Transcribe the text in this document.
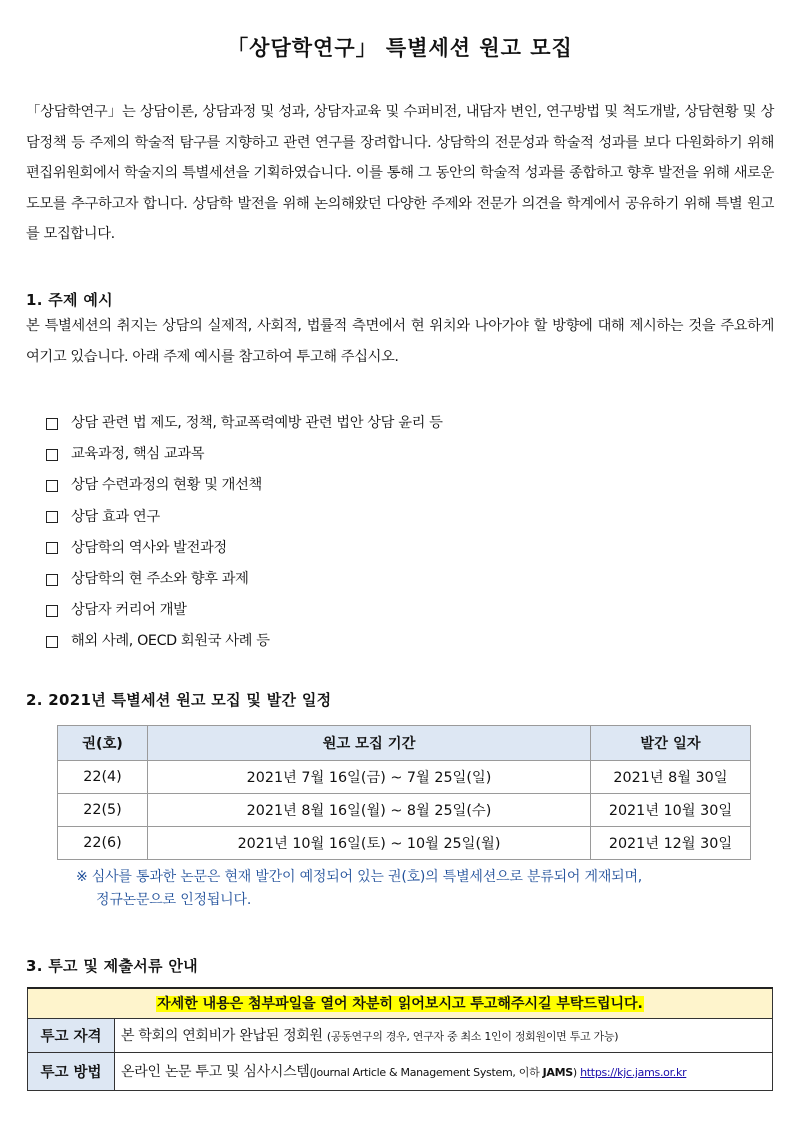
「상담학연구」 특별세션 원고 모집

「상담학연구」는 상담이론, 상담과정 및 성과, 상담자교육 및 수퍼비전, 내담자 변인, 연구방법 및 척도개발, 상담현황 및 상담정책 등 주제의 학술적 탐구를 지향하고 관련 연구를 장려합니다. 상담학의 전문성과 학술적 성과를 보다 다원화하기 위해 편집위원회에서 학술지의 특별세션을 기획하였습니다. 이를 통해 그 동안의 학술적 성과를 종합하고 향후 발전을 위해 새로운 도모를 추구하고자 합니다. 상담학 발전을 위해 논의해왔던 다양한 주제와 전문가 의견을 학계에서 공유하기 위해 특별 원고를 모집합니다.

1. 주제 예시

본 특별세션의 취지는 상담의 실제적, 사회적, 법률적 측면에서 현 위치와 나아가야 할 방향에 대해 제시하는 것을 주요하게 여기고 있습니다. 아래 주제 예시를 참고하여 투고해 주십시오.

상담 관련 법 제도, 정책, 학교폭력예방 관련 법안 상담 윤리 등
교육과정, 핵심 교과목
상담 수련과정의 현황 및 개선책
상담 효과 연구
상담학의 역사와 발전과정
상담학의 현 주소와 향후 과제
상담자 커리어 개발
해외 사례, OECD 회원국 사례 등
2. 2021년 특별세션 원고 모집 및 발간 일정
권(호)	원고 모집 기간	발간 일자
22(4)	2021년 7월 16일(금) ~ 7월 25일(일)	2021년 8월 30일
22(5)	2021년 8월 16일(월) ~ 8월 25일(수)	2021년 10월 30일
22(6)	2021년 10월 16일(토) ~ 10월 25일(월)	2021년 12월 30일
※ 심사를 통과한 논문은 현재 발간이 예정되어 있는 권(호)의 특별세션으로 분류되어 게재되며,
정규논문으로 인정됩니다.
3. 투고 및 제출서류 안내
자세한 내용은 첨부파일을 열어 차분히 읽어보시고 투고해주시길 부탁드립니다.	
투고 자격	본 학회의 연회비가 완납된 정회원 (공동연구의 경우, 연구자 중 최소 1인이 정회원이면 투고 가능)
투고 방법	온라인 논문 투고 및 심사시스템(Journal Article & Management System, 이하 JAMS) https://kjc.jams.or.kr
